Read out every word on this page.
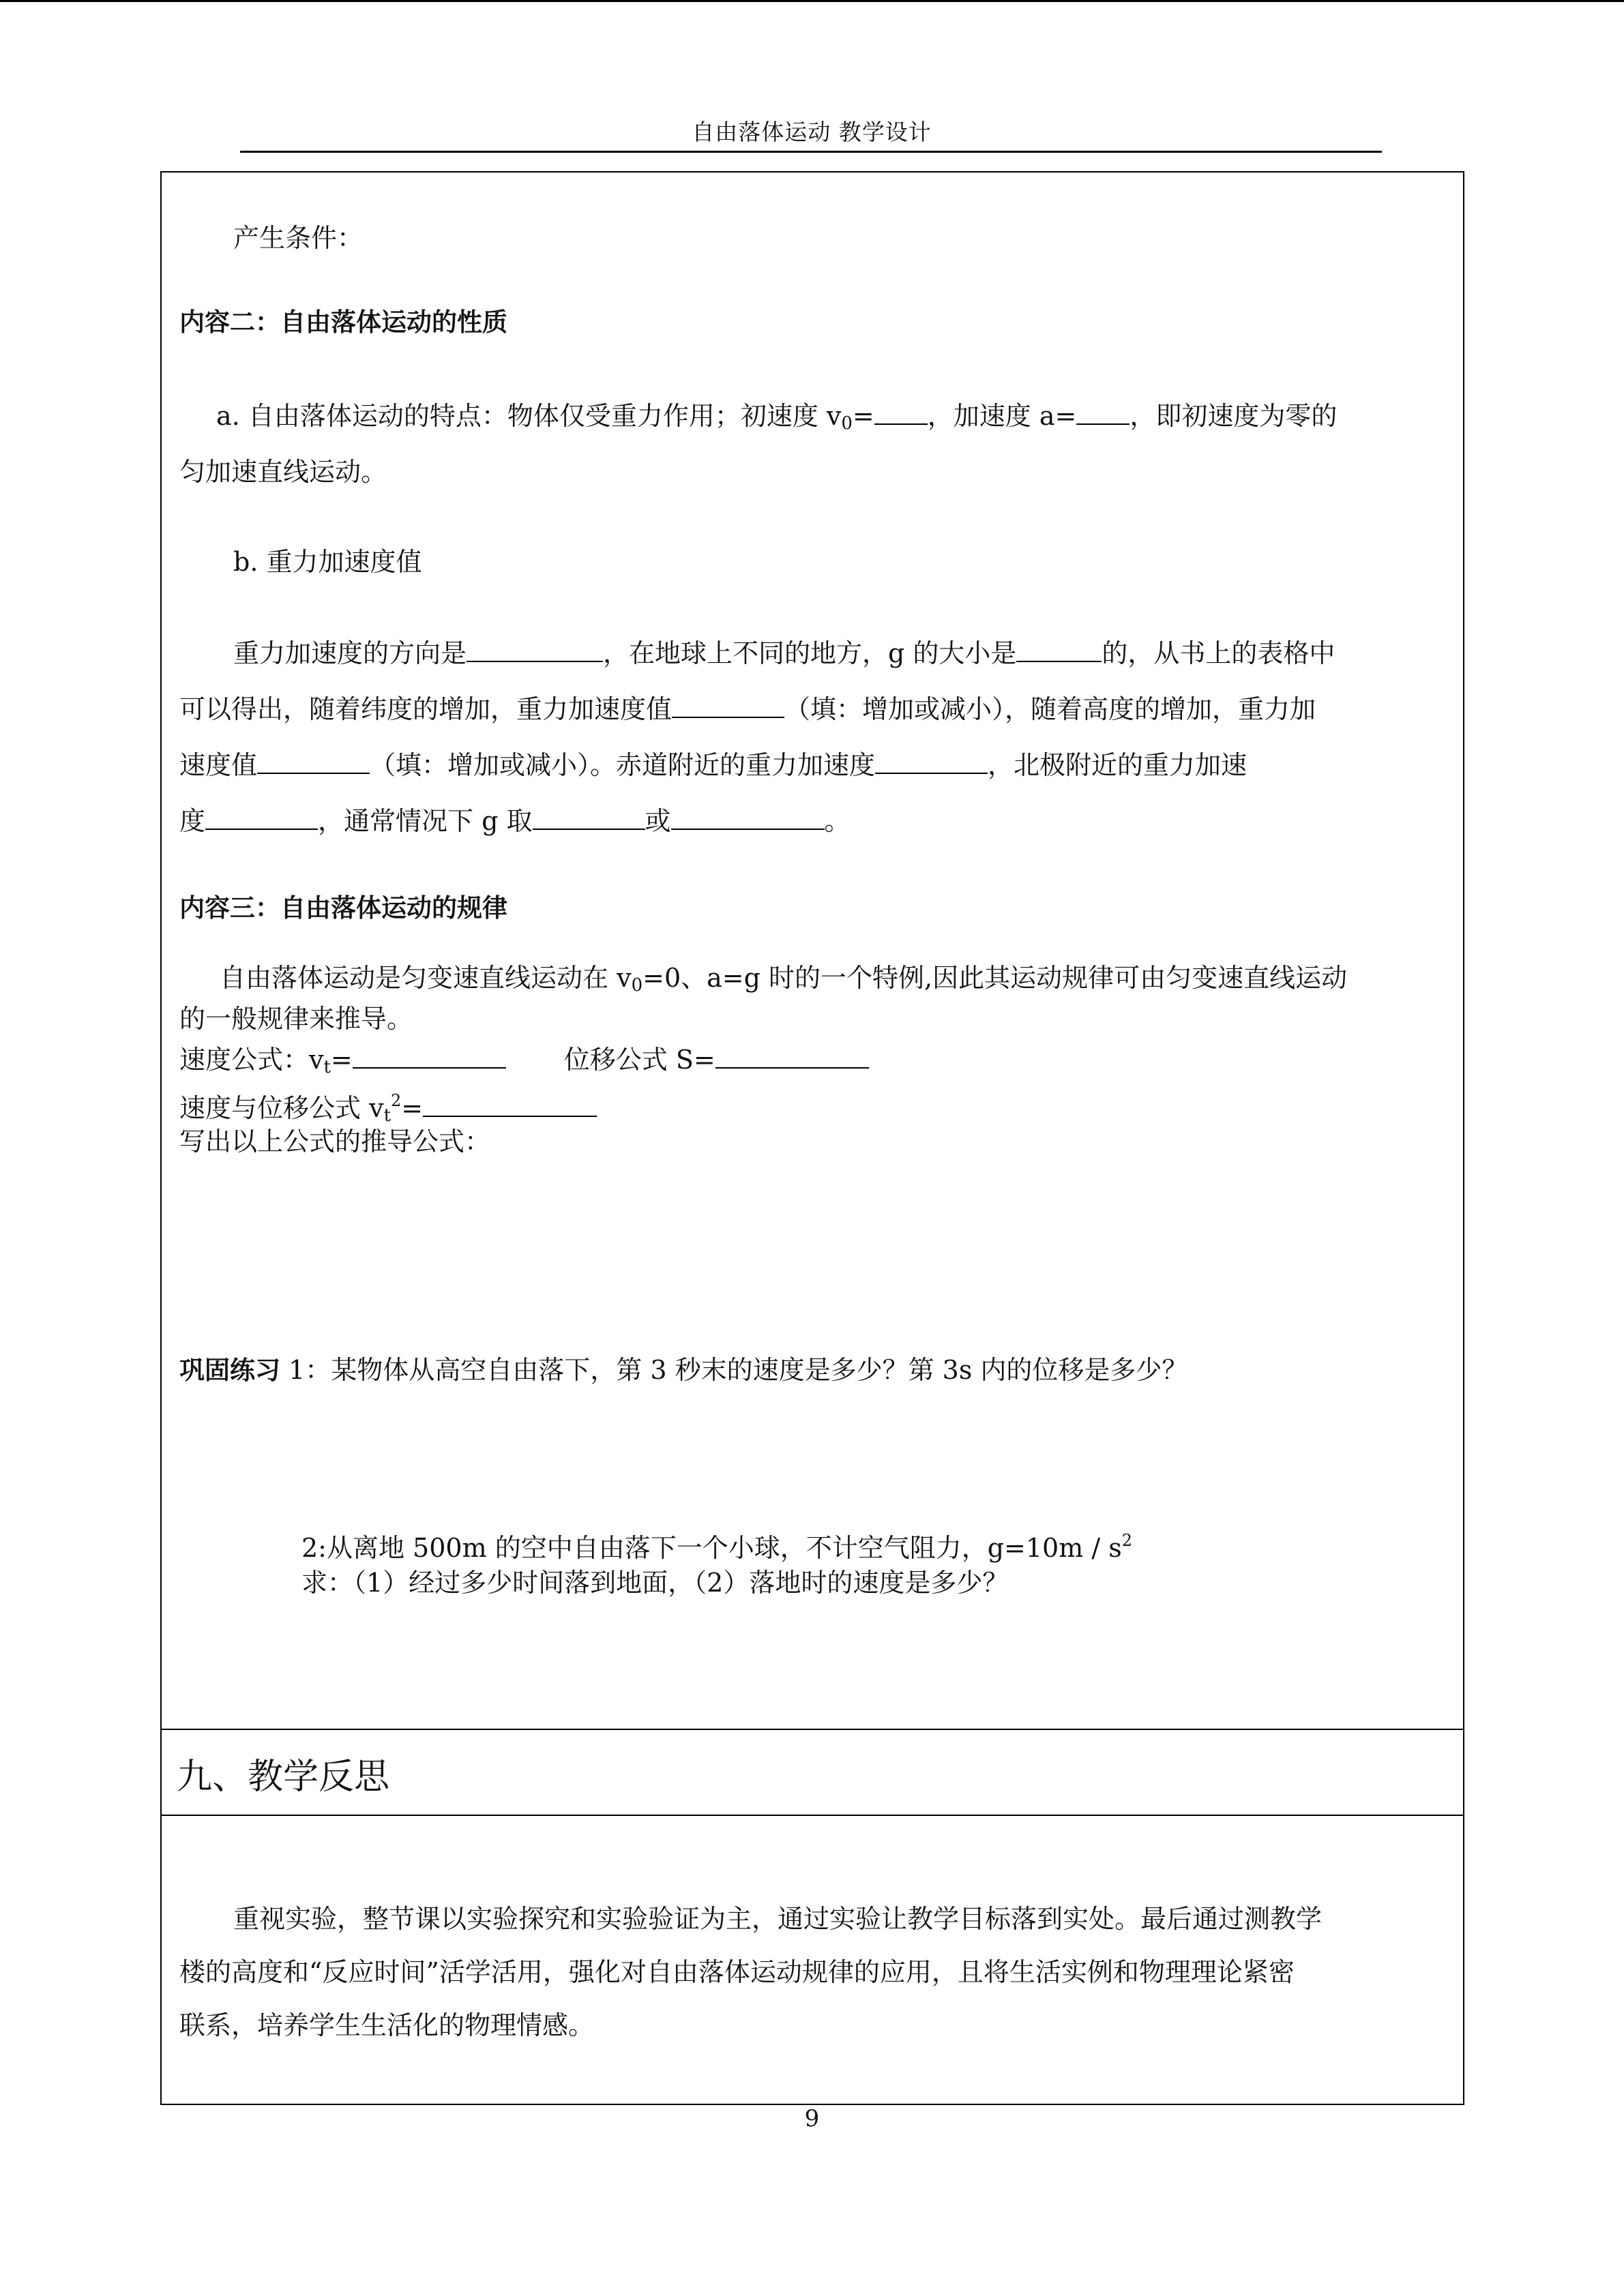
自由落体运动 教学设计
产生条件：
内容二：自由落体运动的性质
a. 自由落体运动的特点：物体仅受重力作用；初速度 $v_0=$ ，加速度 a= ，即初速度为零的
匀加速直线运动。
b. 重力加速度值
重力加速度的方向是	，在地球上不同的地方，g 的大小是	的，从书上的表格中
可以得出，随着纬度的增加，重力加速度值	（填：增加或减小），随着高度的增加，重力加
速度值	（填：增加或减小）。赤道附近的重力加速度	，北极附近的重力加速
度	，通常情况下 g 取	或	。
内容三：自由落体运动的规律
自由落体运动是匀变速直线运动在 $v_0=0$、a=g 时的一个特例,因此其运动规律可由匀变速直线运动
的一般规律来推导。
速度公式：$v_t=$	位移公式 S=
速度与位移公式 $v_t^2=$
写出以上公式的推导公式：
巩固练习 1：某物体从高空自由落下，第 3 秒末的速度是多少？第 3s 内的位移是多少？
2:从离地 500m 的空中自由落下一个小球，不计空气阻力，$g=10m / s^2$
求：（1）经过多少时间落到地面，（2）落地时的速度是多少？
九、教学反思
重视实验，整节课以实验探究和实验验证为主，通过实验让教学目标落到实处。最后通过测教学
楼的高度和“反应时间”活学活用，强化对自由落体运动规律的应用，且将生活实例和物理理论紧密
联系，培养学生生活化的物理情感。
9
